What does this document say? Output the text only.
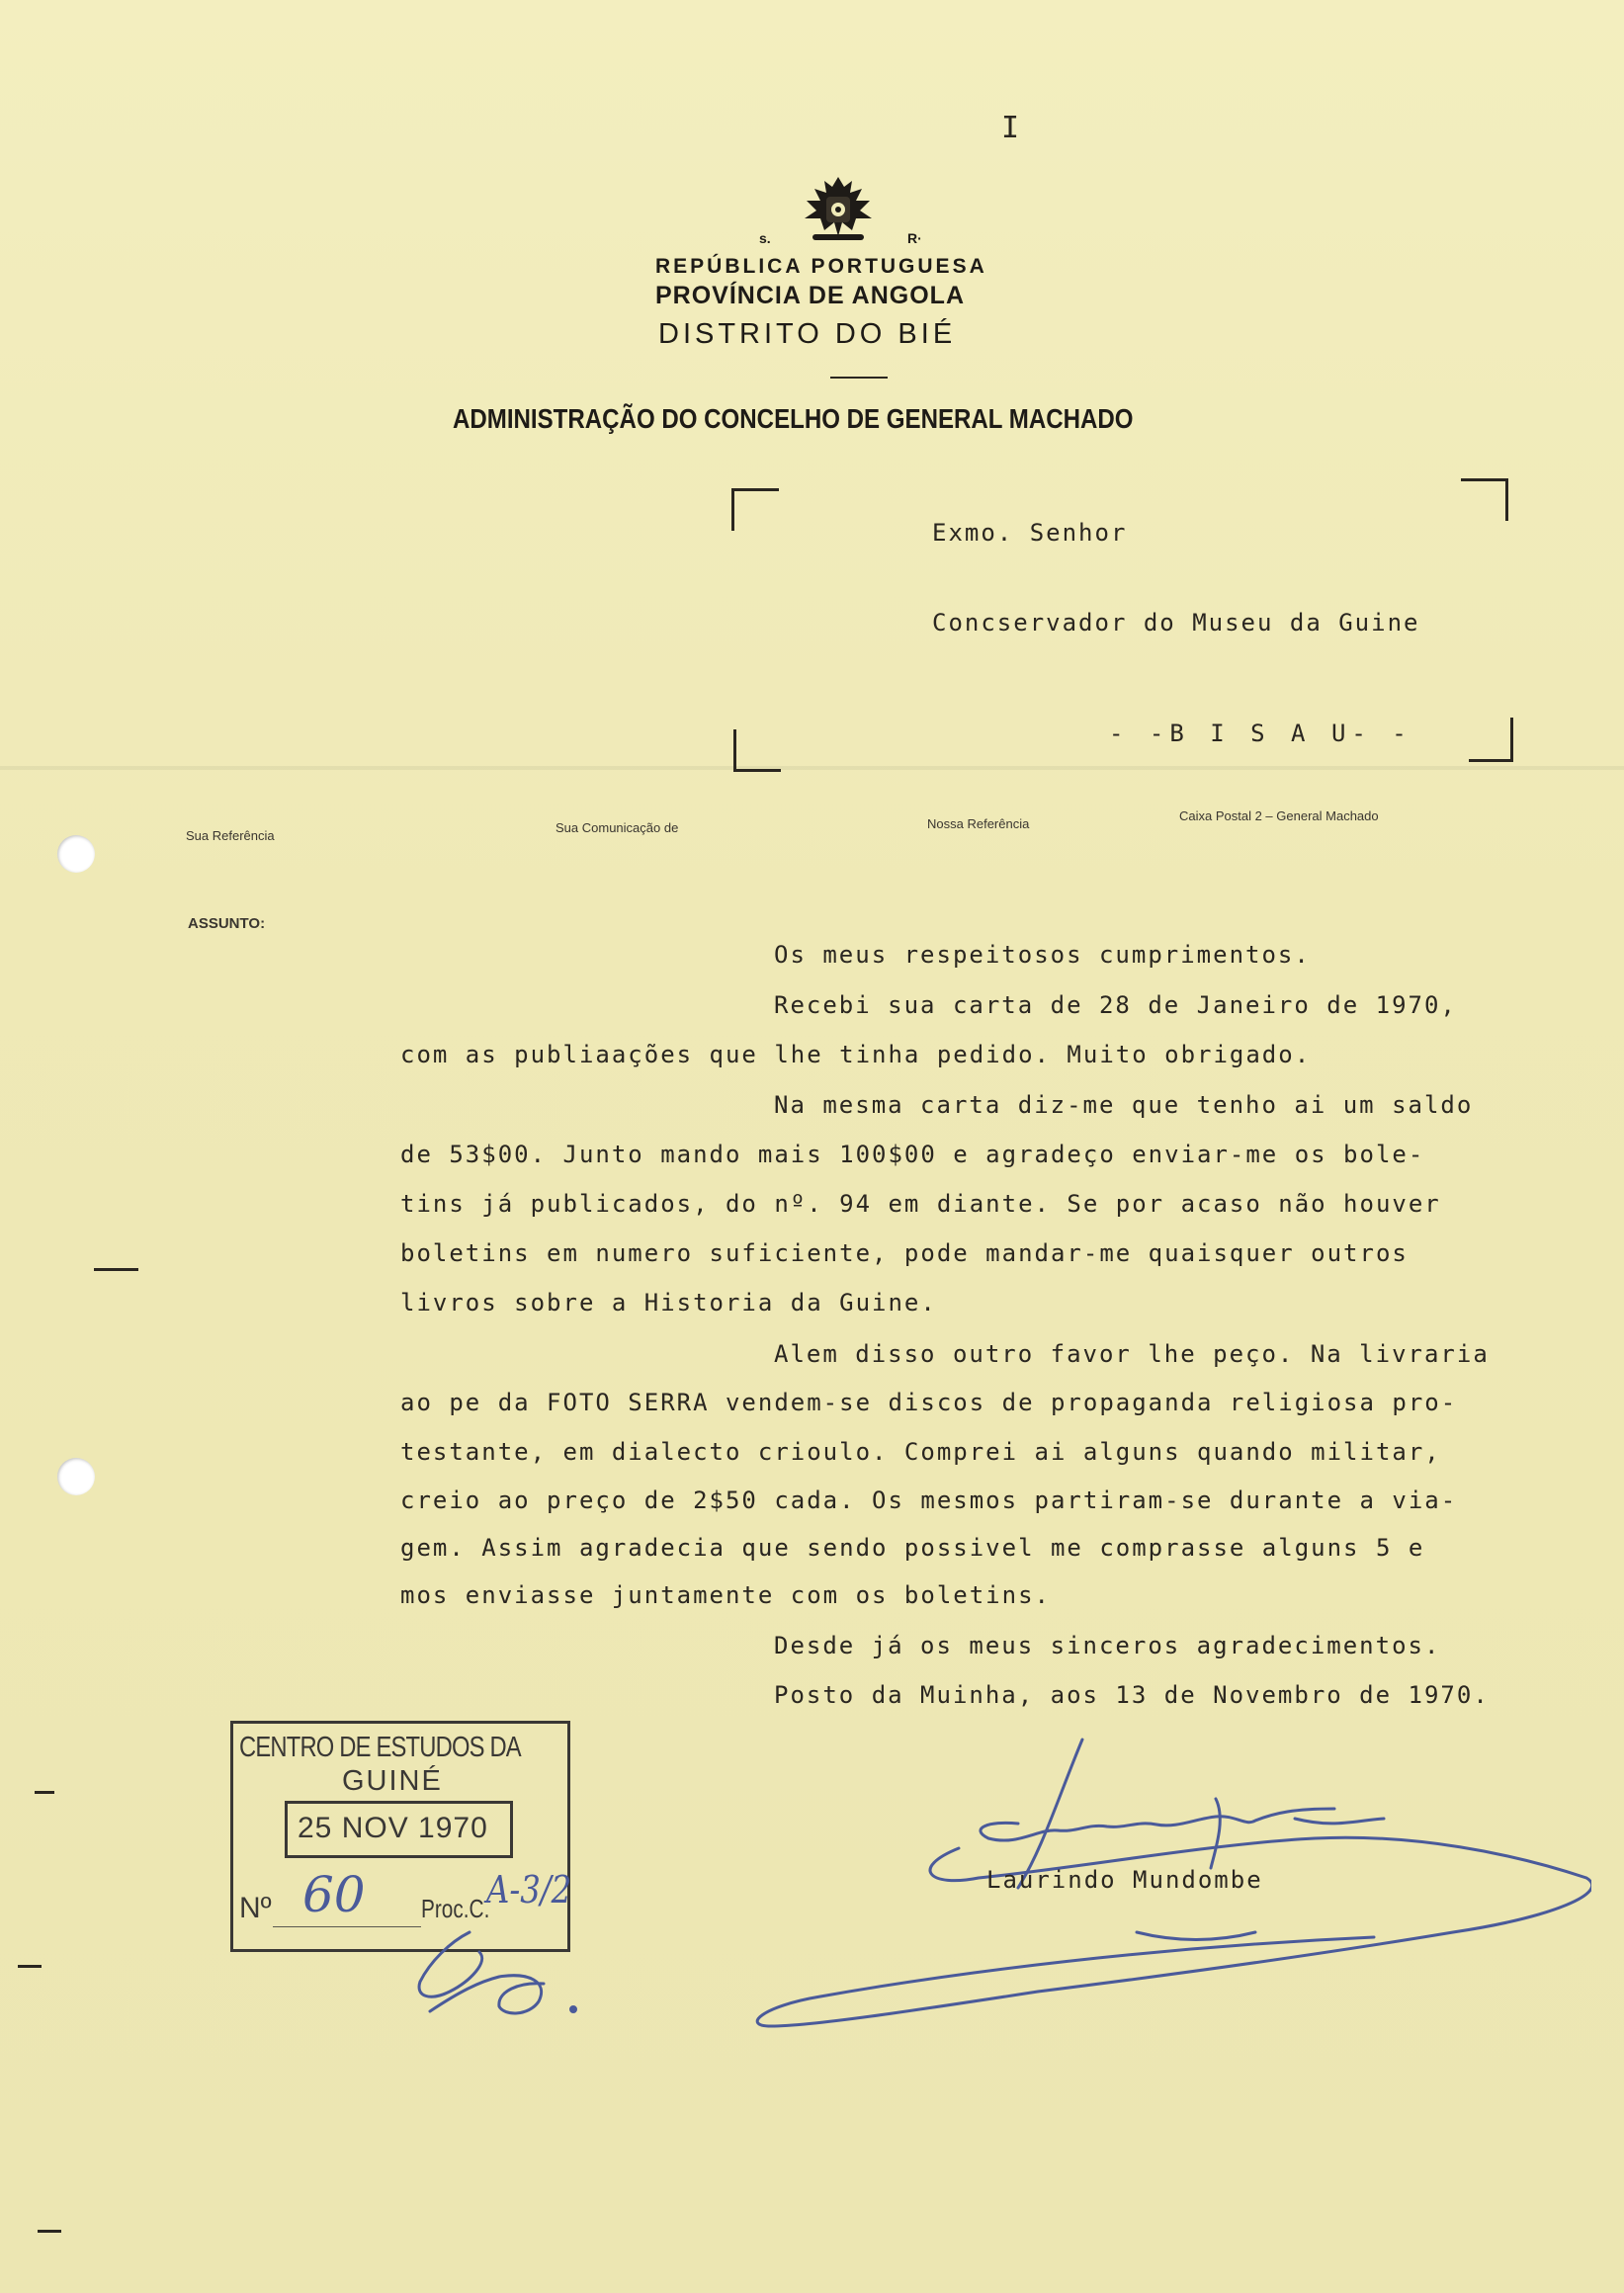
I
s.	R·
REPÚBLICA PORTUGUESA
PROVÍNCIA DE ANGOLA
DISTRITO DO BIÉ
ADMINISTRAÇÃO DO CONCELHO DE GENERAL MACHADO
Exmo. Senhor
Concservador do Museu da Guine
- -B I S A U- -
Sua Referência
Sua Comunicação de	Nossa Referência
Caixa Postal 2 – General Machado
ASSUNTO:
Os meus respeitosos cumprimentos.
Recebi sua carta de 28 de Janeiro de 1970,
com as publiaações que lhe tinha pedido. Muito obrigado.
Na mesma carta diz-me que tenho ai um saldo
de 53$00. Junto mando mais 100$00 e agradeço enviar-me os bole-
tins já publicados, do nº. 94 em diante. Se por acaso não houver
boletins em numero suficiente, pode mandar-me quaisquer outros
livros sobre a Historia da Guine.
Alem disso outro favor lhe peço. Na livraria
ao pe da FOTO SERRA vendem-se discos de propaganda religiosa pro-
testante, em dialecto crioulo. Comprei ai alguns quando militar,
creio ao preço de 2$50 cada. Os mesmos partiram-se durante a via-
gem. Assim agradecia que sendo possivel me comprasse alguns 5 e
mos enviasse juntamente com os boletins.
Desde já os meus sinceros agradecimentos.
Posto da Muinha, aos 13 de Novembro de 1970.
Laurindo Mundombe
CENTRO DE ESTUDOS DA
GUINÉ
25 NOV 1970
Nº	Proc.C.
60	A-3/2
